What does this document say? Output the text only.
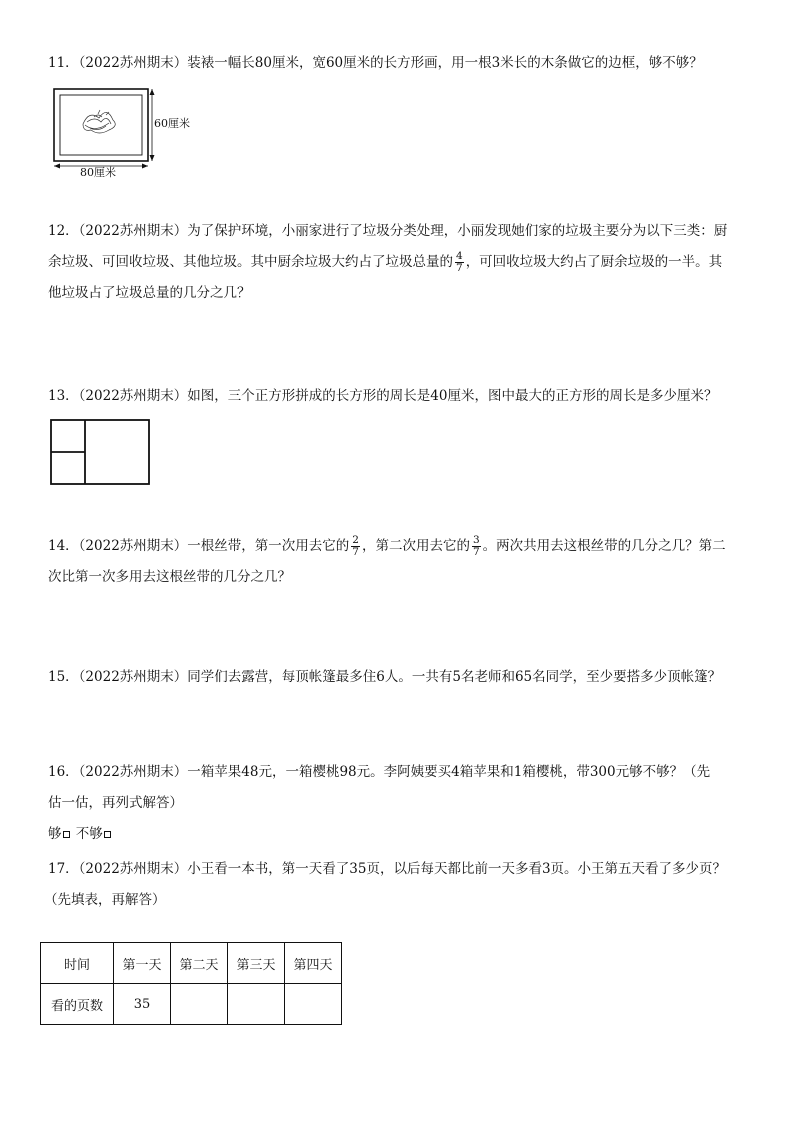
11．（2022苏州期末）装裱一幅长80厘米，宽60厘米的长方形画，用一根3米长的木条做它的边框，够不够？
60厘米
80厘米
12．（2022苏州期末）为了保护环境，小丽家进行了垃圾分类处理，小丽发现她们家的垃圾主要分为以下三类：厨
余垃圾、可回收垃圾、其他垃圾。其中厨余垃圾大约占了垃圾总量的 $\frac{4}{7}$ ，可回收垃圾大约占了厨余垃圾的一半。其
他垃圾占了垃圾总量的几分之几？
13．（2022苏州期末）如图，三个正方形拼成的长方形的周长是40厘米，图中最大的正方形的周长是多少厘米？
14．（2022苏州期末）一根丝带，第一次用去它的 $\frac{2}{7}$ ，第二次用去它的 $\frac{3}{7}$ 。两次共用去这根丝带的几分之几？第二
次比第一次多用去这根丝带的几分之几？
15．（2022苏州期末）同学们去露营，每顶帐篷最多住6人。一共有5名老师和65名同学，至少要搭多少顶帐篷？
16．（2022苏州期末）一箱苹果48元，一箱樱桃98元。李阿姨要买4箱苹果和1箱樱桃，带300元够不够？（先
估一估，再列式解答）
够 不够
17．（2022苏州期末）小王看一本书，第一天看了35页，以后每天都比前一天多看3页。小王第五天看了多少页？
（先填表，再解答）
时间	第一天	第二天	第三天	第四天
看的页数	35			
